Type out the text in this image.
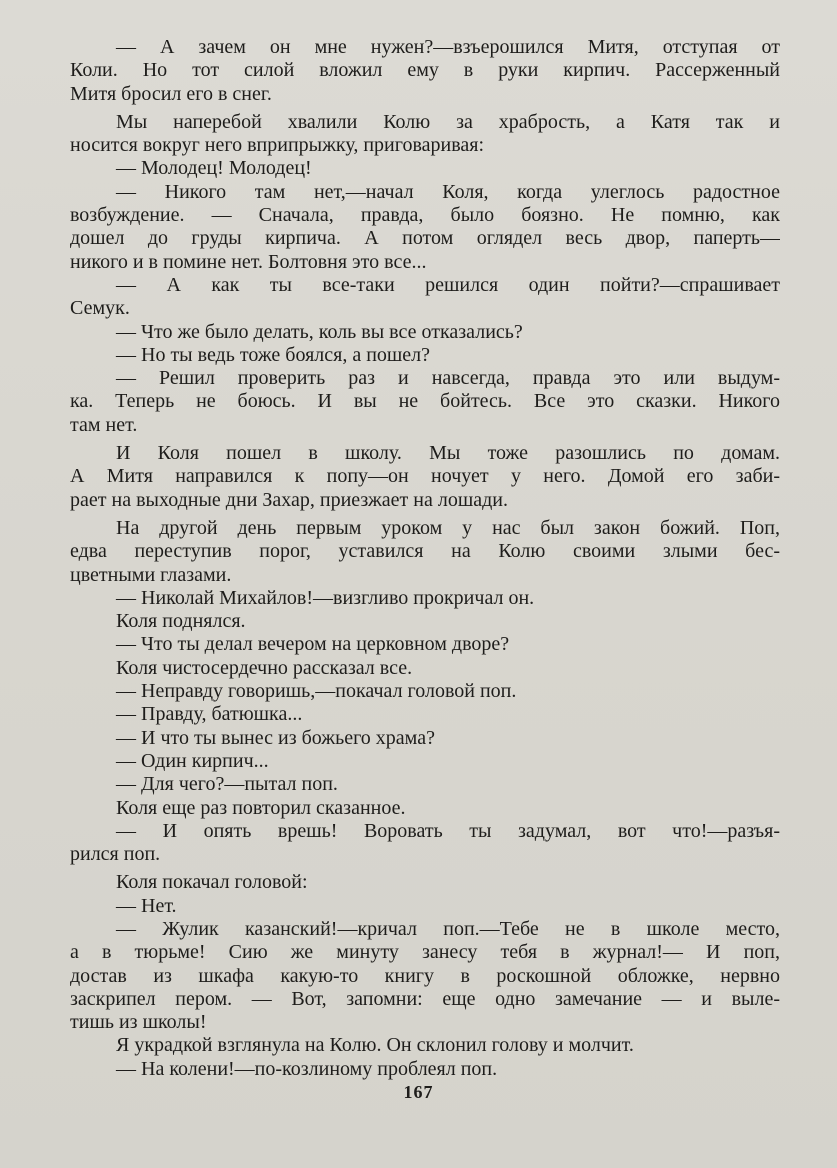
— А зачем он мне нужен?—взъерошился Митя, отступая от
Коли. Но тот силой вложил ему в руки кирпич. Рассерженный
Митя бросил его в снег.
Мы наперебой хвалили Колю за храбрость, а Катя так и
носится вокруг него вприпрыжку, приговаривая:
— Молодец! Молодец!
— Никого там нет,—начал Коля, когда улеглось радостное
возбуждение. — Сначала, правда, было боязно. Не помню, как
дошел до груды кирпича. А потом оглядел весь двор, паперть—
никого и в помине нет. Болтовня это все...
— А как ты все-таки решился один пойти?—спрашивает
Семук.
— Что же было делать, коль вы все отказались?
— Но ты ведь тоже боялся, а пошел?
— Решил проверить раз и навсегда, правда это или выдум-
ка. Теперь не боюсь. И вы не бойтесь. Все это сказки. Никого
там нет.
И Коля пошел в школу. Мы тоже разошлись по домам.
А Митя направился к попу—он ночует у него. Домой его заби-
рает на выходные дни Захар, приезжает на лошади.
На другой день первым уроком у нас был закон божий. Поп,
едва переступив порог, уставился на Колю своими злыми бес-
цветными глазами.
— Николай Михайлов!—визгливо прокричал он.
Коля поднялся.
— Что ты делал вечером на церковном дворе?
Коля чистосердечно рассказал все.
— Неправду говоришь,—покачал головой поп.
— Правду, батюшка...
— И что ты вынес из божьего храма?
— Один кирпич...
— Для чего?—пытал поп.
Коля еще раз повторил сказанное.
— И опять врешь! Воровать ты задумал, вот что!—разъя-
рился поп.
Коля покачал головой:
— Нет.
— Жулик казанский!—кричал поп.—Тебе не в школе место,
а в тюрьме! Сию же минуту занесу тебя в журнал!— И поп,
достав из шкафа какую-то книгу в роскошной обложке, нервно
заскрипел пером. — Вот, запомни: еще одно замечание — и выле-
тишь из школы!
Я украдкой взглянула на Колю. Он склонил голову и молчит.
— На колени!—по-козлиному проблеял поп.
167
